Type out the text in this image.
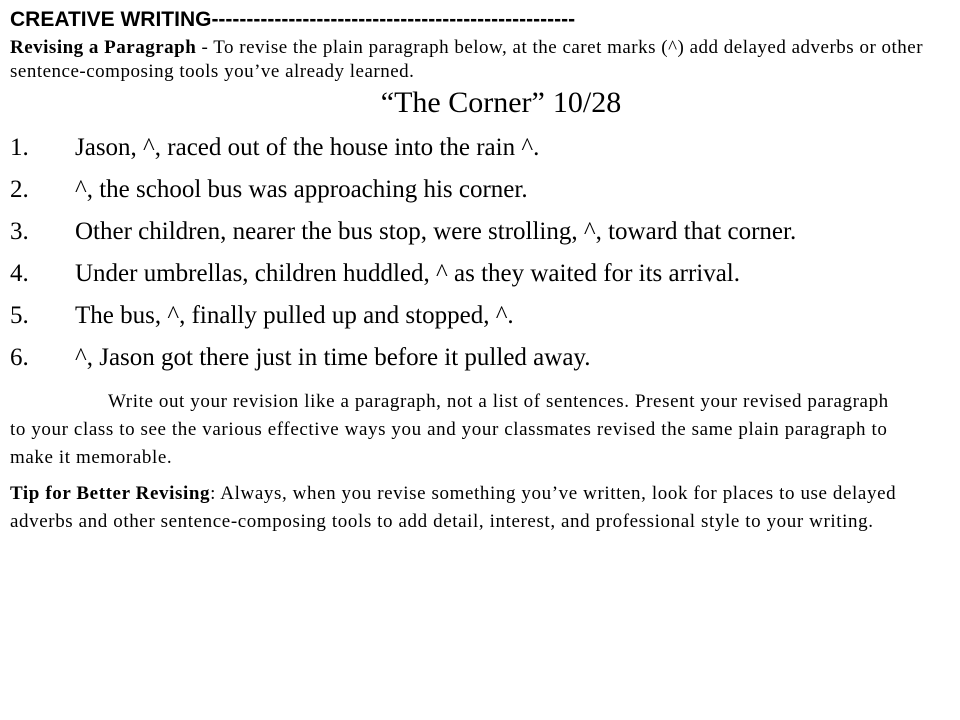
CREATIVE WRITING----------------------------------------------------
Revising a Paragraph - To revise the plain paragraph below, at the caret marks (^) add delayed adverbs or other sentence-composing tools you’ve already learned.
“The Corner” 10/28
1. Jason, ^, raced out of the house into the rain ^.
2. ^, the school bus was approaching his corner.
3. Other children, nearer the bus stop, were strolling, ^, toward that corner.
4. Under umbrellas, children huddled, ^ as they waited for its arrival.
5. The bus, ^, finally pulled up and stopped, ^.
6. ^, Jason got there just in time before it pulled away.
Write out your revision like a paragraph, not a list of sentences. Present your revised paragraph to your class to see the various effective ways you and your classmates revised the same plain paragraph to make it memorable.
Tip for Better Revising: Always, when you revise something you’ve written, look for places to use delayed adverbs and other sentence-composing tools to add detail, interest, and professional style to your writing.
